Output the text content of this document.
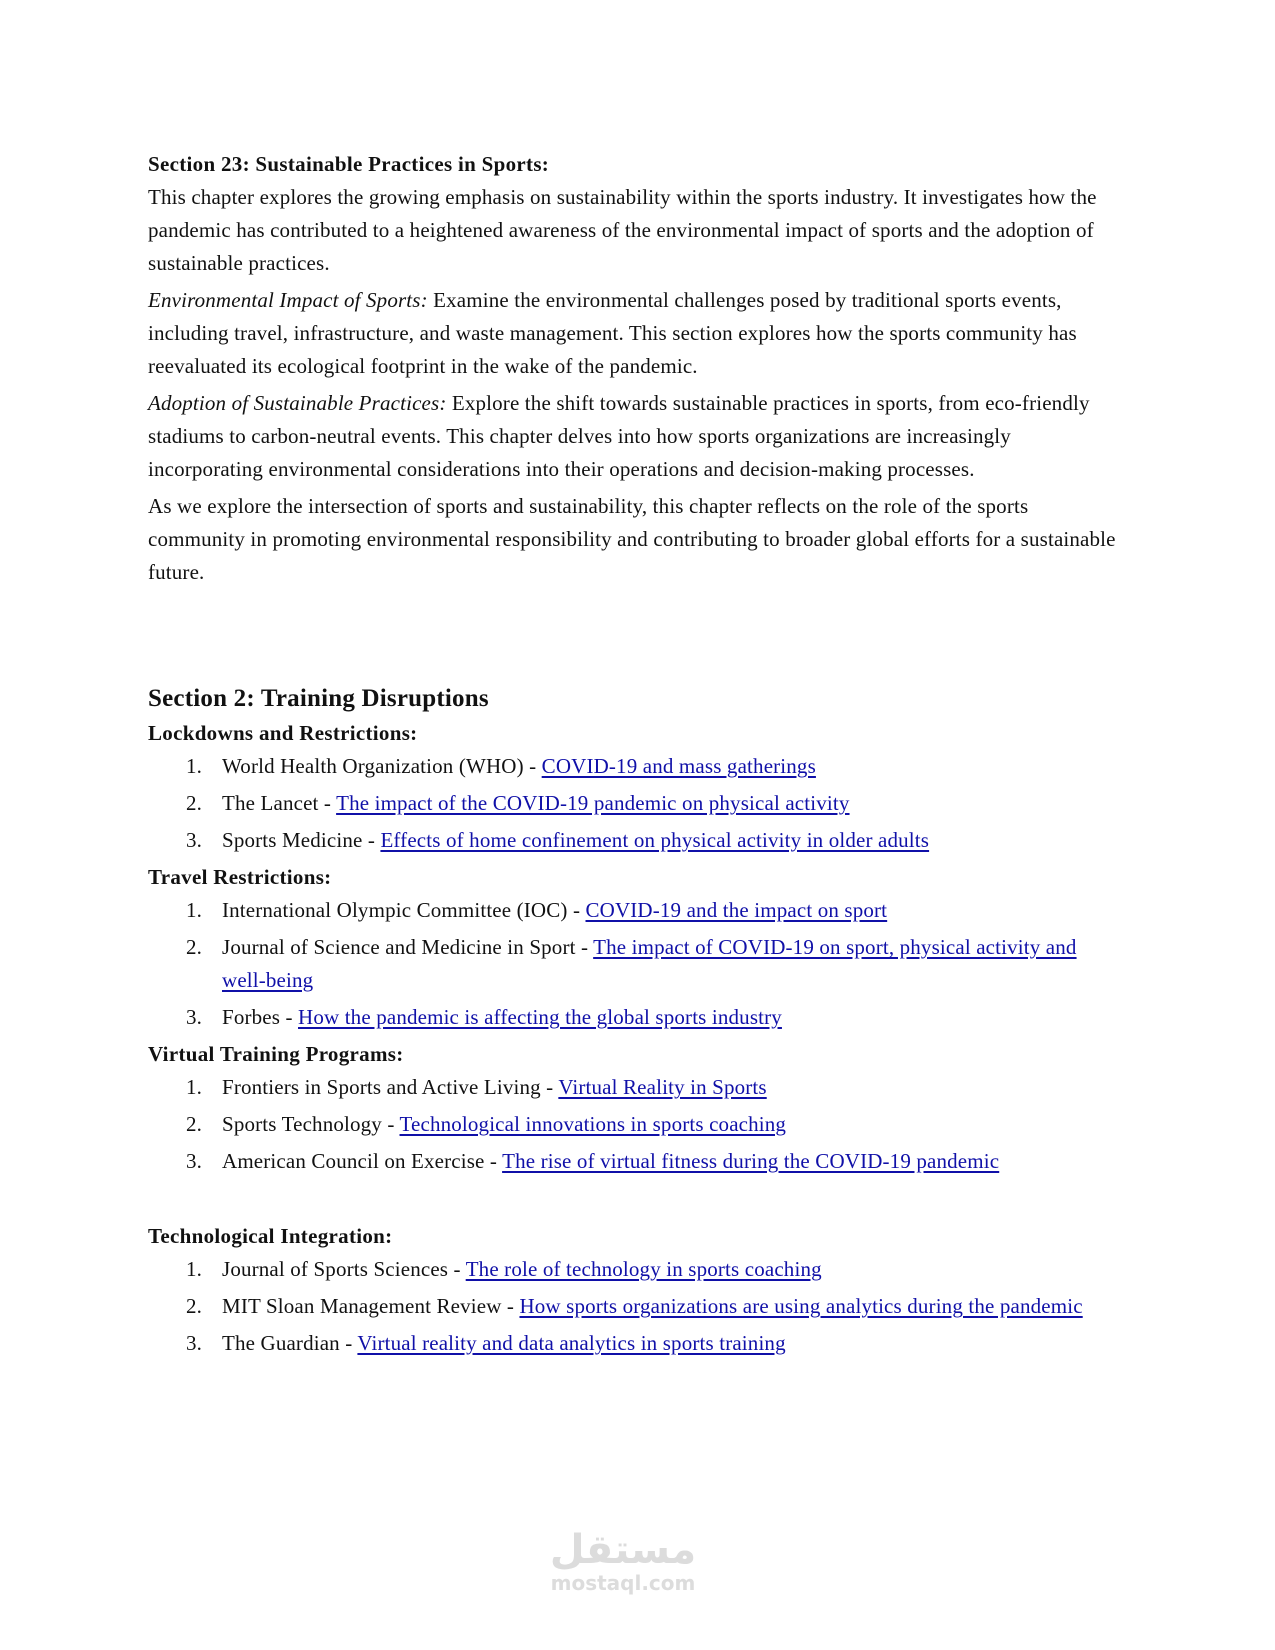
Section 23: Sustainable Practices in Sports:

This chapter explores the growing emphasis on sustainability within the sports industry. It investigates how the pandemic has contributed to a heightened awareness of the environmental impact of sports and the adoption of sustainable practices.

Environmental Impact of Sports: Examine the environmental challenges posed by traditional sports events, including travel, infrastructure, and waste management. This section explores how the sports community has reevaluated its ecological footprint in the wake of the pandemic.

Adoption of Sustainable Practices: Explore the shift towards sustainable practices in sports, from eco-friendly stadiums to carbon-neutral events. This chapter delves into how sports organizations are increasingly incorporating environmental considerations into their operations and decision-making processes.

As we explore the intersection of sports and sustainability, this chapter reflects on the role of the sports community in promoting environmental responsibility and contributing to broader global efforts for a sustainable future.

Section 2: Training Disruptions
Lockdowns and Restrictions:
1. World Health Organization (WHO) - COVID-19 and mass gatherings
2. The Lancet - The impact of the COVID-19 pandemic on physical activity
3. Sports Medicine - Effects of home confinement on physical activity in older adults
Travel Restrictions:
1. International Olympic Committee (IOC) - COVID-19 and the impact on sport
2. Journal of Science and Medicine in Sport - The impact of COVID-19 on sport, physical activity and well-being
3. Forbes - How the pandemic is affecting the global sports industry
Virtual Training Programs:
1. Frontiers in Sports and Active Living - Virtual Reality in Sports
2. Sports Technology - Technological innovations in sports coaching
3. American Council on Exercise - The rise of virtual fitness during the COVID-19 pandemic
Technological Integration:
1. Journal of Sports Sciences - The role of technology in sports coaching
2. MIT Sloan Management Review - How sports organizations are using analytics during the pandemic
3. The Guardian - Virtual reality and data analytics in sports training
مستقل
mostaql.com
